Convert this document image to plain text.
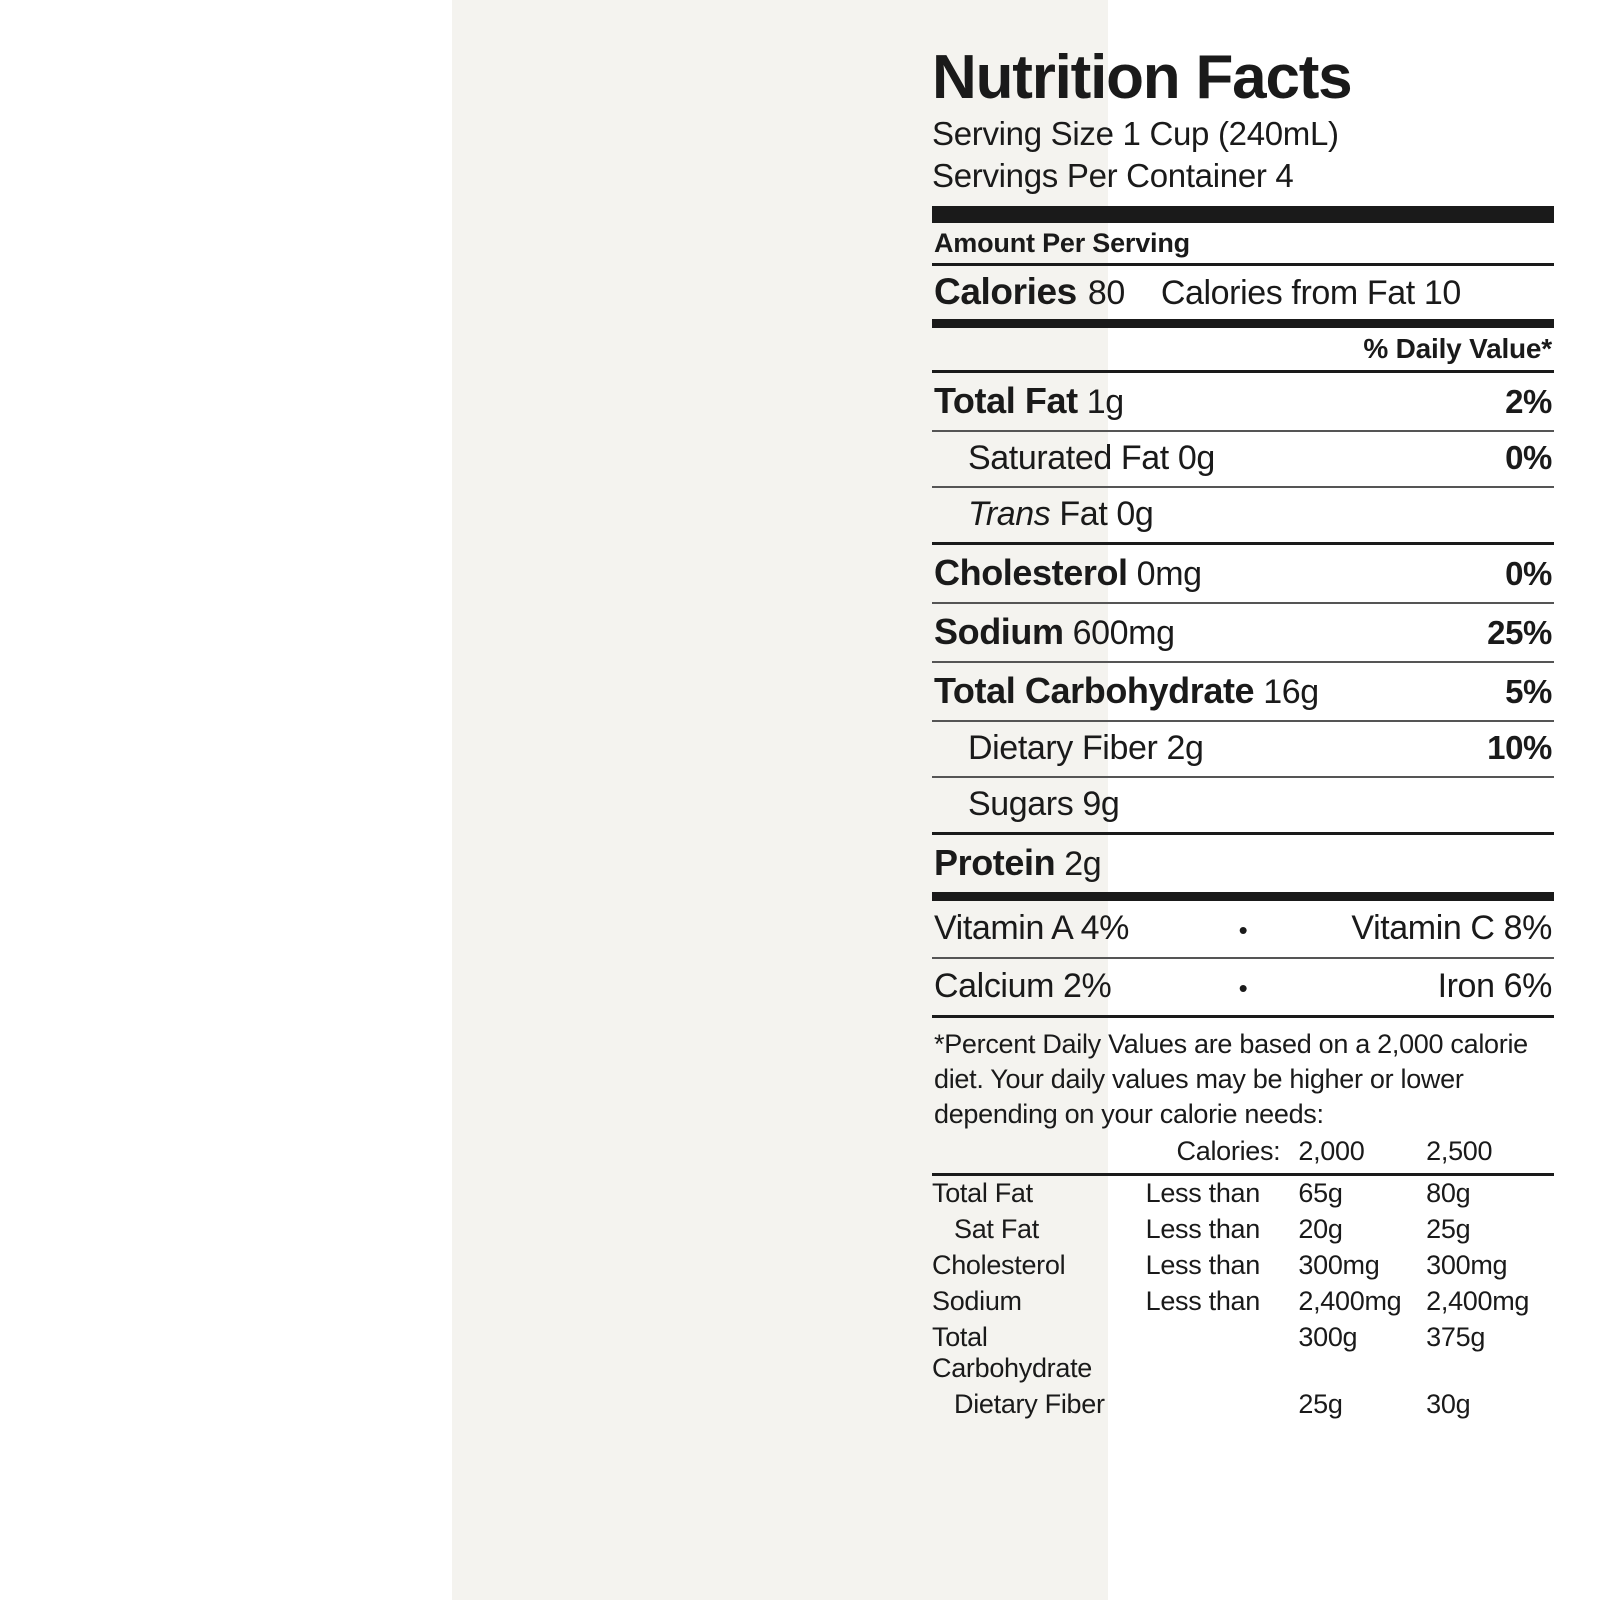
Nutrition Facts
Serving Size 1 Cup (240mL)
Servings Per Container 4
Amount Per Serving
Calories 80 Calories from Fat 10
% Daily Value*
Total Fat 1g	2%
Saturated Fat 0g	0%
Trans Fat 0g
Cholesterol 0mg	0%
Sodium 600mg	25%
Total Carbohydrate 16g	5%
Dietary Fiber 2g	10%
Sugars 9g
Protein 2g
Vitamin A 4%	•	Vitamin C 8%
Calcium 2%	•	Iron 6%
*Percent Daily Values are based on a 2,000 calorie diet. Your daily values may be higher or lower depending on your calorie needs:
	Calories:	2,000	2,500

Total Fat	Less than	65g	80g
Sat Fat	Less than	20g	25g
Cholesterol	Less than	300mg	300mg
Sodium	Less than	2,400mg	2,400mg
Total Carbohydrate		300g	375g
Dietary Fiber		25g	30g
